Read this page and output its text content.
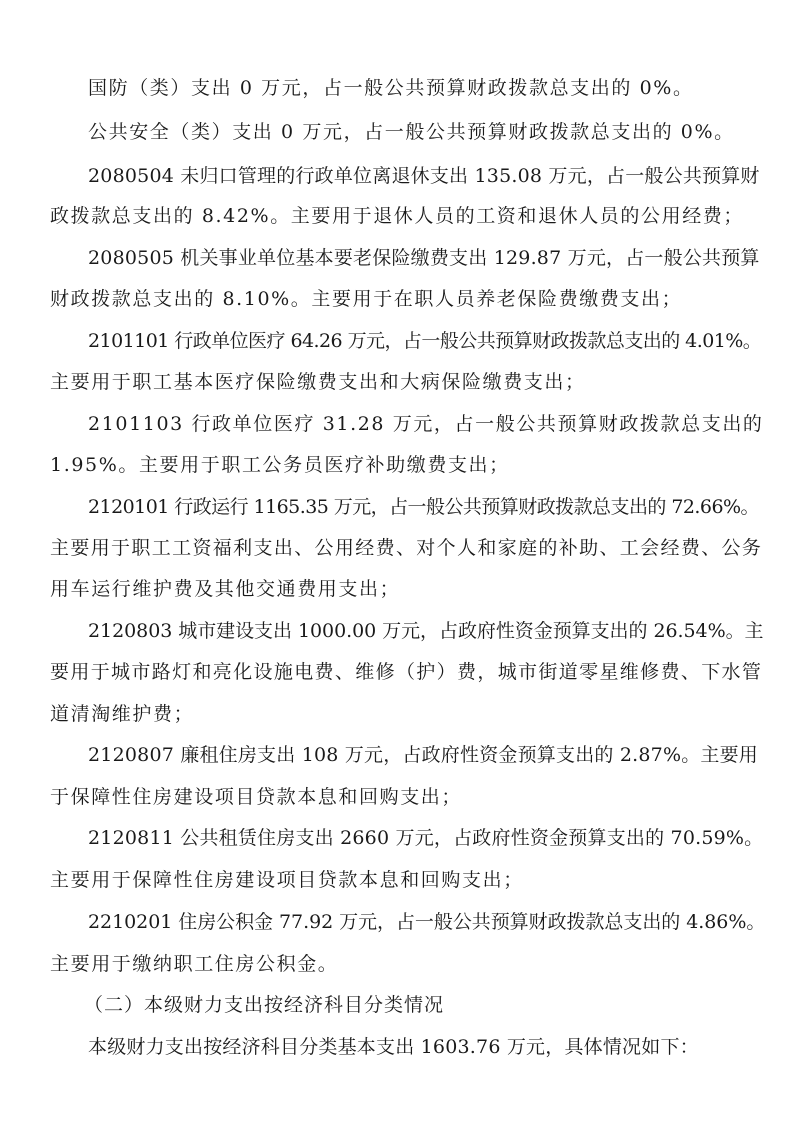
国防（类）支出 0 万元，占一般公共预算财政拨款总支出的 0%。

公共安全（类）支出 0 万元，占一般公共预算财政拨款总支出的 0%。

2080504 未归口管理的行政单位离退休支出 135.08 万元，占一般公共预算财

政拨款总支出的 8.42%。主要用于退休人员的工资和退休人员的公用经费；

2080505 机关事业单位基本要老保险缴费支出 129.87 万元，占一般公共预算

财政拨款总支出的 8.10%。主要用于在职人员养老保险费缴费支出；

2101101 行政单位医疗 64.26 万元，占一般公共预算财政拨款总支出的 4.01%。

主要用于职工基本医疗保险缴费支出和大病保险缴费支出；

2101103 行政单位医疗 31.28 万元，占一般公共预算财政拨款总支出的

1.95%。主要用于职工公务员医疗补助缴费支出；

2120101 行政运行 1165.35 万元，占一般公共预算财政拨款总支出的 72.66%。

主要用于职工工资福利支出、公用经费、对个人和家庭的补助、工会经费、公务

用车运行维护费及其他交通费用支出；

2120803 城市建设支出 1000.00 万元，占政府性资金预算支出的 26.54%。主

要用于城市路灯和亮化设施电费、维修（护）费，城市街道零星维修费、下水管

道清淘维护费；

2120807 廉租住房支出 108 万元，占政府性资金预算支出的 2.87%。主要用

于保障性住房建设项目贷款本息和回购支出；

2120811 公共租赁住房支出 2660 万元，占政府性资金预算支出的 70.59%。

主要用于保障性住房建设项目贷款本息和回购支出；

2210201 住房公积金 77.92 万元，占一般公共预算财政拨款总支出的 4.86%。

主要用于缴纳职工住房公积金。

（二）本级财力支出按经济科目分类情况

本级财力支出按经济科目分类基本支出 1603.76 万元，具体情况如下：
